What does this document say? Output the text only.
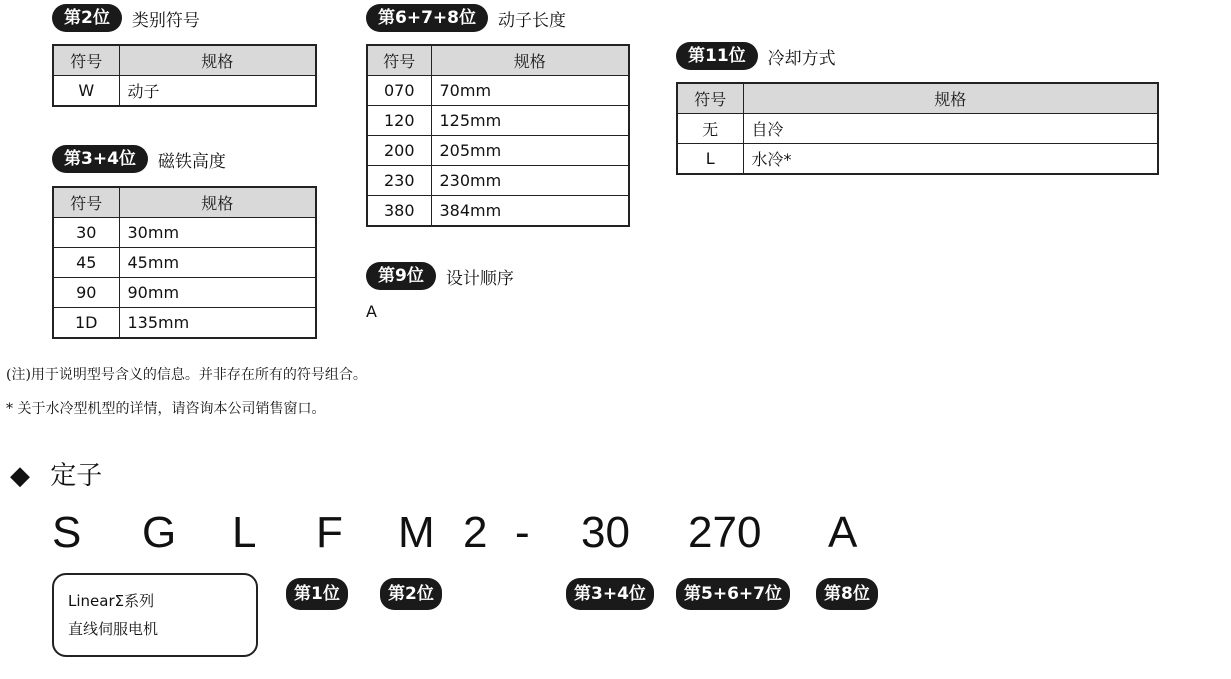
第2位	类别符号
符号	规格
W	动子
第3+4位	磁铁高度
符号	规格
30	30mm
45	45mm
90	90mm
1D	135mm
第6+7+8位	动子长度
符号	规格
070	70mm
120	125mm
200	205mm
230	230mm
380	384mm
第9位	设计顺序
A
第11位	冷却方式
符号	规格
无	自冷
L	水冷*
(注)用于说明型号含义的信息。并非存在所有的符号组合。
* 关于水冷型机型的详情，请咨询本公司销售窗口。
◆ 定子
S G L F M 2 - 30 270 A
LinearΣ系列
直线伺服电机
第1位	第2位	第3+4位	第5+6+7位	第8位
